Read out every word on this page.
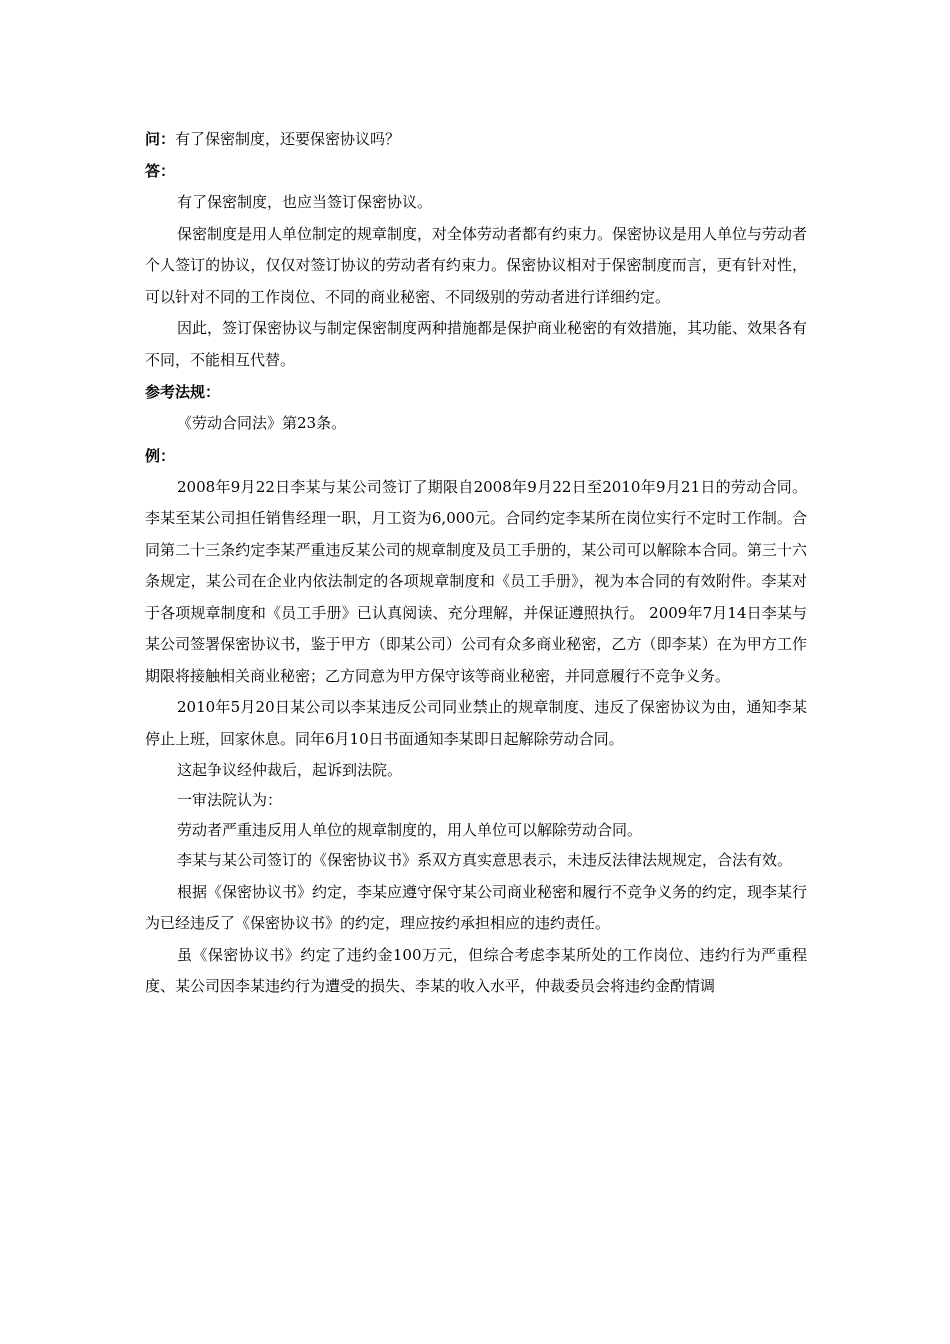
问：有了保密制度，还要保密协议吗？
答：

有了保密制度，也应当签订保密协议。

保密制度是用人单位制定的规章制度，对全体劳动者都有约束力。保密协议是用人单位与劳动者个人签订的协议，仅仅对签订协议的劳动者有约束力。保密协议相对于保密制度而言，更有针对性，可以针对不同的工作岗位、不同的商业秘密、不同级别的劳动者进行详细约定。

因此，签订保密协议与制定保密制度两种措施都是保护商业秘密的有效措施，其功能、效果各有不同，不能相互代替。

参考法规：

《劳动合同法》第23条。

例：

2008年9月22日李某与某公司签订了期限自2008年9月22日至2010年9月21日的劳动合同。李某至某公司担任销售经理一职，月工资为6,000元。合同约定李某所在岗位实行不定时工作制。合同第二十三条约定李某严重违反某公司的规章制度及员工手册的，某公司可以解除本合同。第三十六条规定，某公司在企业内依法制定的各项规章制度和《员工手册》，视为本合同的有效附件。李某对于各项规章制度和《员工手册》已认真阅读、充分理解，并保证遵照执行。 2009年7月14日李某与某公司签署保密协议书，鉴于甲方（即某公司）公司有众多商业秘密，乙方（即李某）在为甲方工作期限将接触相关商业秘密；乙方同意为甲方保守该等商业秘密，并同意履行不竞争义务。

2010年5月20日某公司以李某违反公司同业禁止的规章制度、违反了保密协议为由，通知李某停止上班，回家休息。同年6月10日书面通知李某即日起解除劳动合同。

这起争议经仲裁后，起诉到法院。

一审法院认为：

劳动者严重违反用人单位的规章制度的，用人单位可以解除劳动合同。

李某与某公司签订的《保密协议书》系双方真实意思表示，未违反法律法规规定，合法有效。

根据《保密协议书》约定，李某应遵守保守某公司商业秘密和履行不竞争义务的约定，现李某行为已经违反了《保密协议书》的约定，理应按约承担相应的违约责任。

虽《保密协议书》约定了违约金100万元，但综合考虑李某所处的工作岗位、违约行为严重程度、某公司因李某违约行为遭受的损失、李某的收入水平，仲裁委员会将违约金酌情调
